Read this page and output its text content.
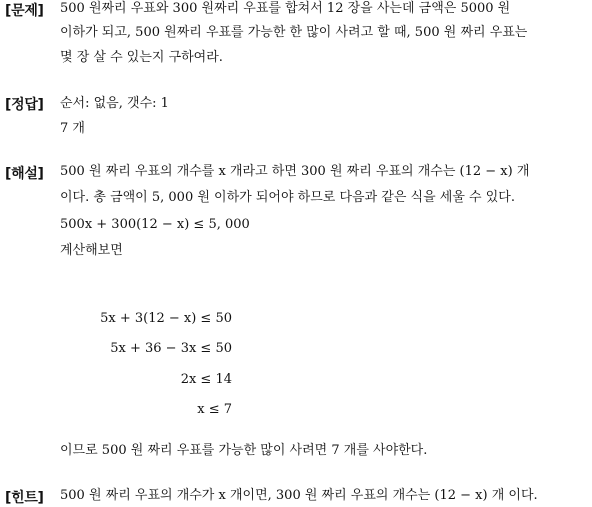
[문제] 500 원짜리 우표와 300 원짜리 우표를 합쳐서 12 장을 사는데 금액은 5000 원
이하가 되고, 500 원짜리 우표를 가능한 한 많이 사려고 할 때, 500 원 짜리 우표는
몇 장 살 수 있는지 구하여라.
[정답] 순서: 없음, 갯수: 1
7 개
[해설] 500 원 짜리 우표의 개수를 x 개라고 하면 300 원 짜리 우표의 개수는 (12 − x) 개
이다. 총 금액이 5, 000 원 이하가 되어야 하므로 다음과 같은 식을 세울 수 있다.
500x + 300(12 − x) ≤ 5, 000
계산해보면
5x + 3(12 − x) ≤ 50
5x + 36 − 3x ≤ 50
2x ≤ 14
x ≤ 7
이므로 500 원 짜리 우표를 가능한 많이 사려면 7 개를 사야한다.
[힌트] 500 원 짜리 우표의 개수가 x 개이면, 300 원 짜리 우표의 개수는 (12 − x) 개 이다.
